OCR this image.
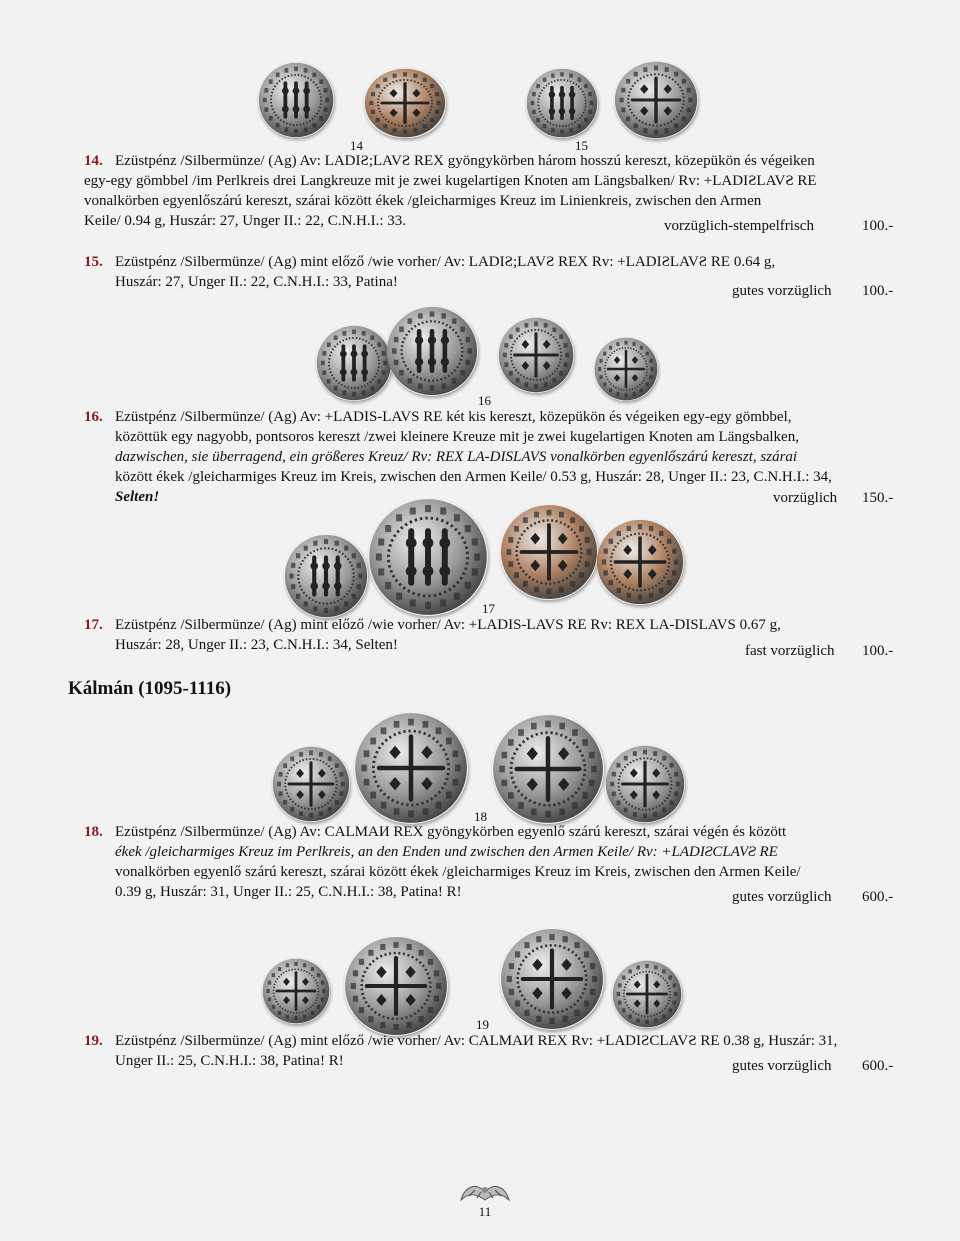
14	15
14. Ezüstpénz /Silbermünze/ (Ag) Av: LADIƧ;LAVƧ REX gyöngykörben három hosszú kereszt, közepükön és végeiken
egy-egy gömbbel /im Perlkreis drei Langkreuze mit je zwei kugelartigen Knoten am Längsbalken/ Rv: +LADIƧLAVƧ RE
vonalkörben egyenlőszárú kereszt, szárai között ékek /gleicharmiges Kreuz im Linienkreis, zwischen den Armen
Keile/ 0.94 g, Huszár: 27, Unger II.: 22, C.N.H.I.: 33.	vorzüglich-stempelfrisch	100.-
15. Ezüstpénz /Silbermünze/ (Ag) mint előző /wie vorher/ Av: LADIƧ;LAVƧ REX Rv: +LADIƧLAVƧ RE 0.64 g,
Huszár: 27, Unger II.: 22, C.N.H.I.: 33, Patina!
gutes vorzüglich 100.-
16
16. Ezüstpénz /Silbermünze/ (Ag) Av: +LADIS-LAVS RE két kis kereszt, közepükön és végeiken egy-egy gömbbel,
közöttük egy nagyobb, pontsoros kereszt /zwei kleinere Kreuze mit je zwei kugelartigen Knoten am Längsbalken,
dazwischen, sie überragend, ein größeres Kreuz/ Rv: REX LA-DISLAVS vonalkörben egyenlőszárú kereszt, szárai
között ékek /gleicharmiges Kreuz im Kreis, zwischen den Armen Keile/ 0.53 g, Huszár: 28, Unger II.: 23, C.N.H.I.: 34,
Selten!	vorzüglich 150.-
17
17. Ezüstpénz /Silbermünze/ (Ag) mint előző /wie vorher/ Av: +LADIS-LAVS RE Rv: REX LA-DISLAVS 0.67 g,
Huszár: 28, Unger II.: 23, C.N.H.I.: 34, Selten!	fast vorzüglich 100.-
Kálmán (1095-1116)
18
18. Ezüstpénz /Silbermünze/ (Ag) Av: CALMAИ REX gyöngykörben egyenlő szárú kereszt, szárai végén és között
ékek /gleicharmiges Kreuz im Perlkreis, an den Enden und zwischen den Armen Keile/ Rv: +LADIƧCLAVƧ RE
vonalkörben egyenlő szárú kereszt, szárai között ékek /gleicharmiges Kreuz im Kreis, zwischen den Armen Keile/
0.39 g, Huszár: 31, Unger II.: 25, C.N.H.I.: 38, Patina! R!	gutes vorzüglich 600.-
19
19. Ezüstpénz /Silbermünze/ (Ag) mint előző /wie vorher/ Av: CALMAИ REX Rv: +LADIƧCLAVƧ RE 0.38 g, Huszár: 31,
Unger II.: 25, C.N.H.I.: 38, Patina! R!	gutes vorzüglich 600.-
11
